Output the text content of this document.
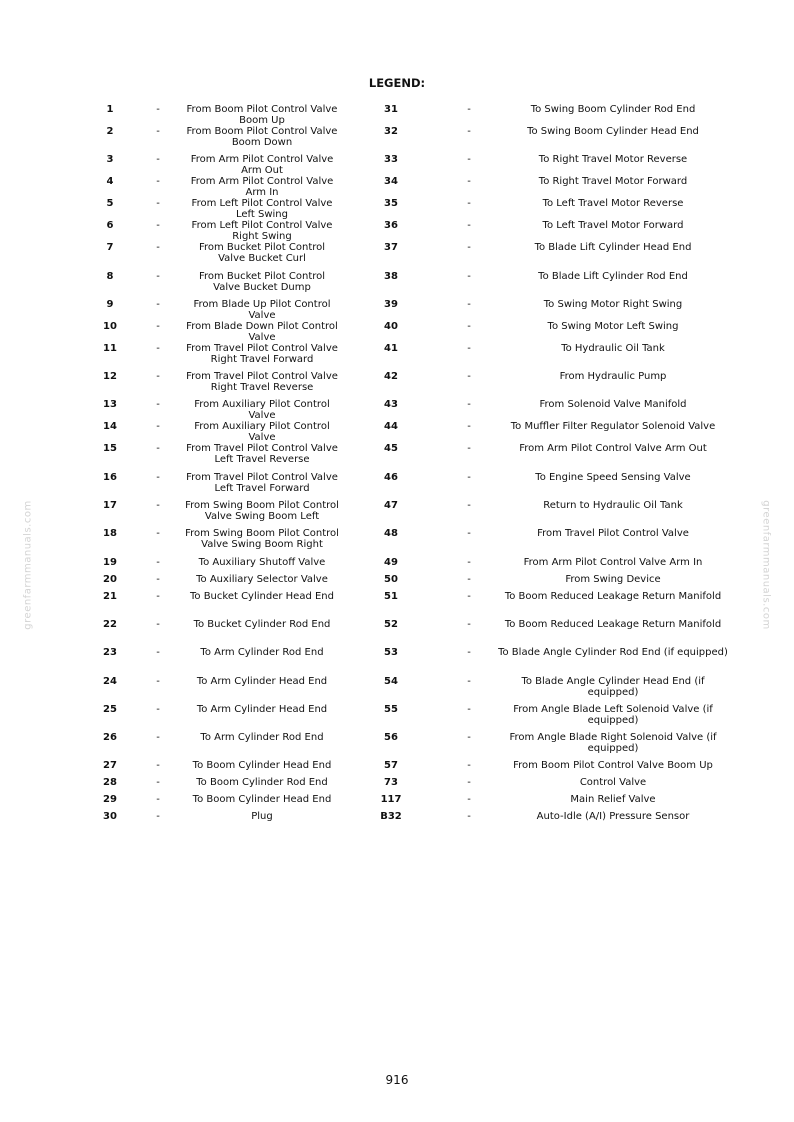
LEGEND:
1	-	From Boom Pilot Control Valve Boom Up	31	-	To Swing Boom Cylinder Rod End
2	-	From Boom Pilot Control Valve Boom Down	32	-	To Swing Boom Cylinder Head End
3	-	From Arm Pilot Control Valve Arm Out	33	-	To Right Travel Motor Reverse
4	-	From Arm Pilot Control Valve Arm In	34	-	To Right Travel Motor Forward
5	-	From Left Pilot Control Valve Left Swing	35	-	To Left Travel Motor Reverse
6	-	From Left Pilot Control Valve Right Swing	36	-	To Left Travel Motor Forward
7	-	From Bucket Pilot Control Valve Bucket Curl	37	-	To Blade Lift Cylinder Head End
8	-	From Bucket Pilot Control Valve Bucket Dump	38	-	To Blade Lift Cylinder Rod End
9	-	From Blade Up Pilot Control Valve	39	-	To Swing Motor Right Swing
10	-	From Blade Down Pilot Control Valve	40	-	To Swing Motor Left Swing
11	-	From Travel Pilot Control Valve Right Travel Forward	41	-	To Hydraulic Oil Tank
12	-	From Travel Pilot Control Valve Right Travel Reverse	42	-	From Hydraulic Pump
13	-	From Auxiliary Pilot Control Valve	43	-	From Solenoid Valve Manifold
14	-	From Auxiliary Pilot Control Valve	44	-	To Muffler Filter Regulator Solenoid Valve
15	-	From Travel Pilot Control Valve Left Travel Reverse	45	-	From Arm Pilot Control Valve Arm Out
16	-	From Travel Pilot Control Valve Left Travel Forward	46	-	To Engine Speed Sensing Valve
17	-	From Swing Boom Pilot Control Valve Swing Boom Left	47	-	Return to Hydraulic Oil Tank
18	-	From Swing Boom Pilot Control Valve Swing Boom Right	48	-	From Travel Pilot Control Valve
19	-	To Auxiliary Shutoff Valve	49	-	From Arm Pilot Control Valve Arm In
20	-	To Auxiliary Selector Valve	50	-	From Swing Device
21	-	To Bucket Cylinder Head End	51	-	To Boom Reduced Leakage Return Manifold
22	-	To Bucket Cylinder Rod End	52	-	To Boom Reduced Leakage Return Manifold
23	-	To Arm Cylinder Rod End	53	-	To Blade Angle Cylinder Rod End (if equipped)
24	-	To Arm Cylinder Head End	54	-	To Blade Angle Cylinder Head End (if equipped)
25	-	To Arm Cylinder Head End	55	-	From Angle Blade Left Solenoid Valve (if equipped)
26	-	To Arm Cylinder Rod End	56	-	From Angle Blade Right Solenoid Valve (if equipped)
27	-	To Boom Cylinder Head End	57	-	From Boom Pilot Control Valve Boom Up
28	-	To Boom Cylinder Rod End	73	-	Control Valve
29	-	To Boom Cylinder Head End	117	-	Main Relief Valve
30	-	Plug	B32	-	Auto-Idle (A/I) Pressure Sensor
greenfarmmanuals.com	greenfarmmanuals.com
916
